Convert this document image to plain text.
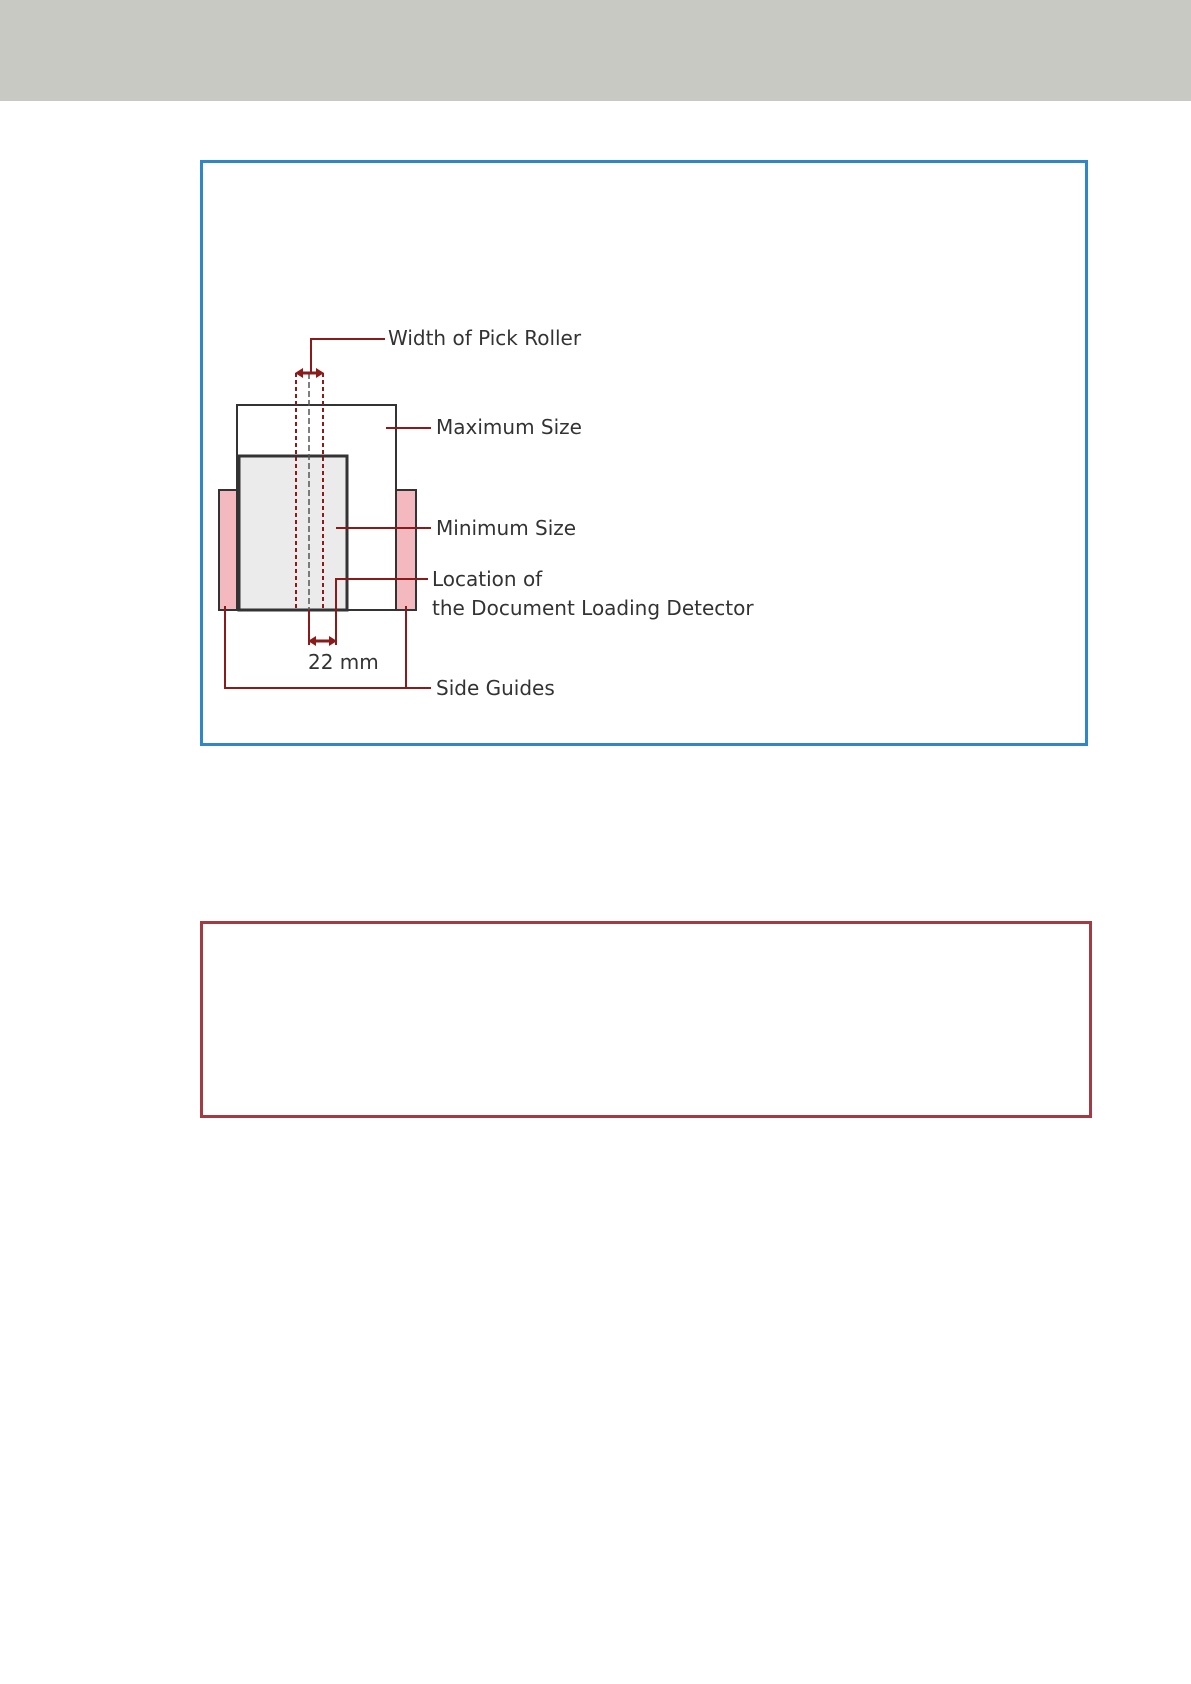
Width of Pick Roller
Maximum Size
Minimum Size
Location of
the Document Loading Detector
22 mm
Side Guides
